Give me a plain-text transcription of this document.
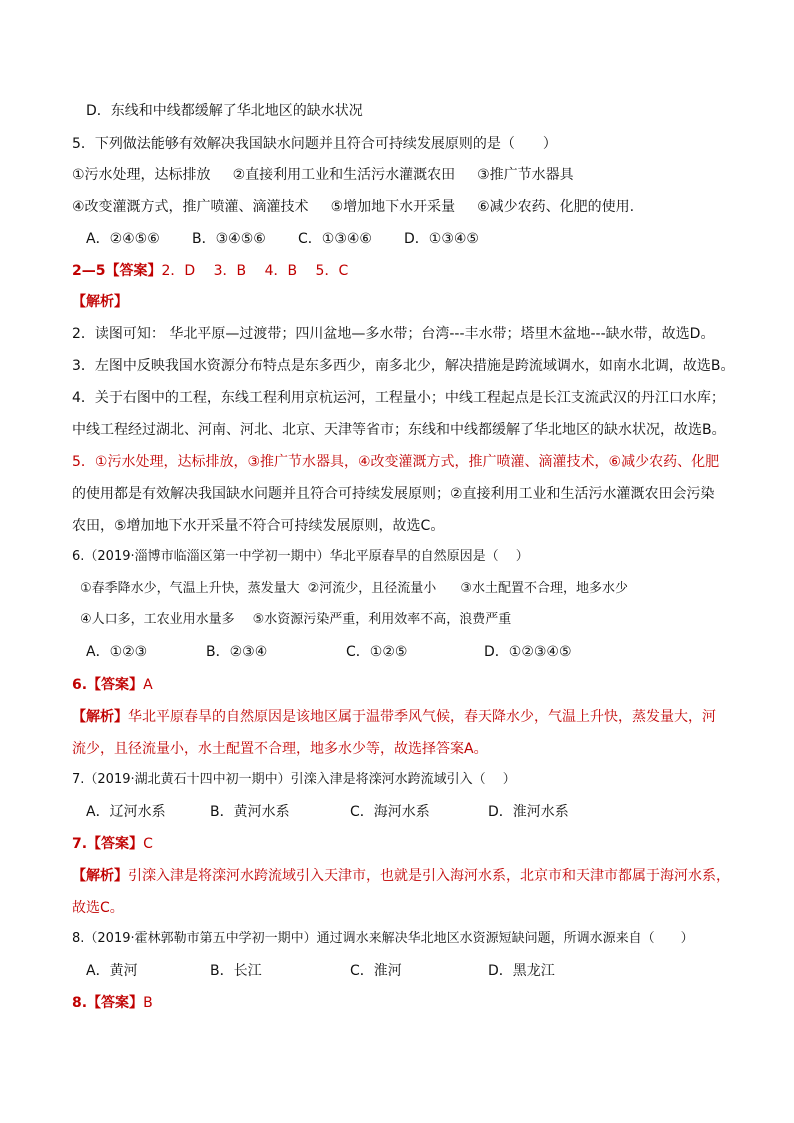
D．东线和中线都缓解了华北地区的缺水状况
5．下列做法能够有效解决我国缺水问题并且符合可持续发展原则的是（　　）
①污水处理，达标排放 ②直接利用工业和生活污水灌溉农田 ③推广节水器具
④改变灌溉方式，推广喷灌、滴灌技术 ⑤增加地下水开采量 ⑥减少农药、化肥的使用.
A．②④⑤⑥ B．③④⑤⑥ C．①③④⑥ D．①③④⑤
2—5【答案】2．D　 3．B　 4．B　 5．C
【解析】
2．读图可知： 华北平原—过渡带；四川盆地—多水带；台湾---丰水带；塔里木盆地---缺水带，故选D。
3．左图中反映我国水资源分布特点是东多西少，南多北少，解决措施是跨流域调水，如南水北调，故选B。
4．关于右图中的工程，东线工程利用京杭运河，工程量小；中线工程起点是长江支流武汉的丹江口水库；
中线工程经过湖北、河南、河北、北京、天津等省市；东线和中线都缓解了华北地区的缺水状况，故选B。
5．①污水处理，达标排放，③推广节水器具，④改变灌溉方式，推广喷灌、滴灌技术，⑥减少农药、化肥
的使用都是有效解决我国缺水问题并且符合可持续发展原则；②直接利用工业和生活污水灌溉农田会污染
农田，⑤增加地下水开采量不符合可持续发展原则，故选C。
6.（2019·淄博市临淄区第一中学初一期中）华北平原春旱的自然原因是（　 ）
①春季降水少，气温上升快，蒸发量大 ②河流少，且径流量小 ③水土配置不合理，地多水少
④人口多，工农业用水量多 ⑤水资源污染严重，利用效率不高，浪费严重
A．①②③	B．②③④	C．①②⑤	D．①②③④⑤
6.【答案】A
【解析】华北平原春旱的自然原因是该地区属于温带季风气候，春天降水少，气温上升快，蒸发量大，河
流少，且径流量小，水土配置不合理，地多水少等，故选择答案A。
7.（2019·湖北黄石十四中初一期中）引滦入津是将滦河水跨流域引入（　 ）
A．辽河水系	B．黄河水系	C．海河水系	D．淮河水系
7.【答案】C
【解析】引滦入津是将滦河水跨流域引入天津市，也就是引入海河水系，北京市和天津市都属于海河水系，
故选C。
8.（2019·霍林郭勒市第五中学初一期中）通过调水来解决华北地区水资源短缺问题，所调水源来自（　　）
A．黄河	B．长江	C．淮河	D．黑龙江
8.【答案】B
